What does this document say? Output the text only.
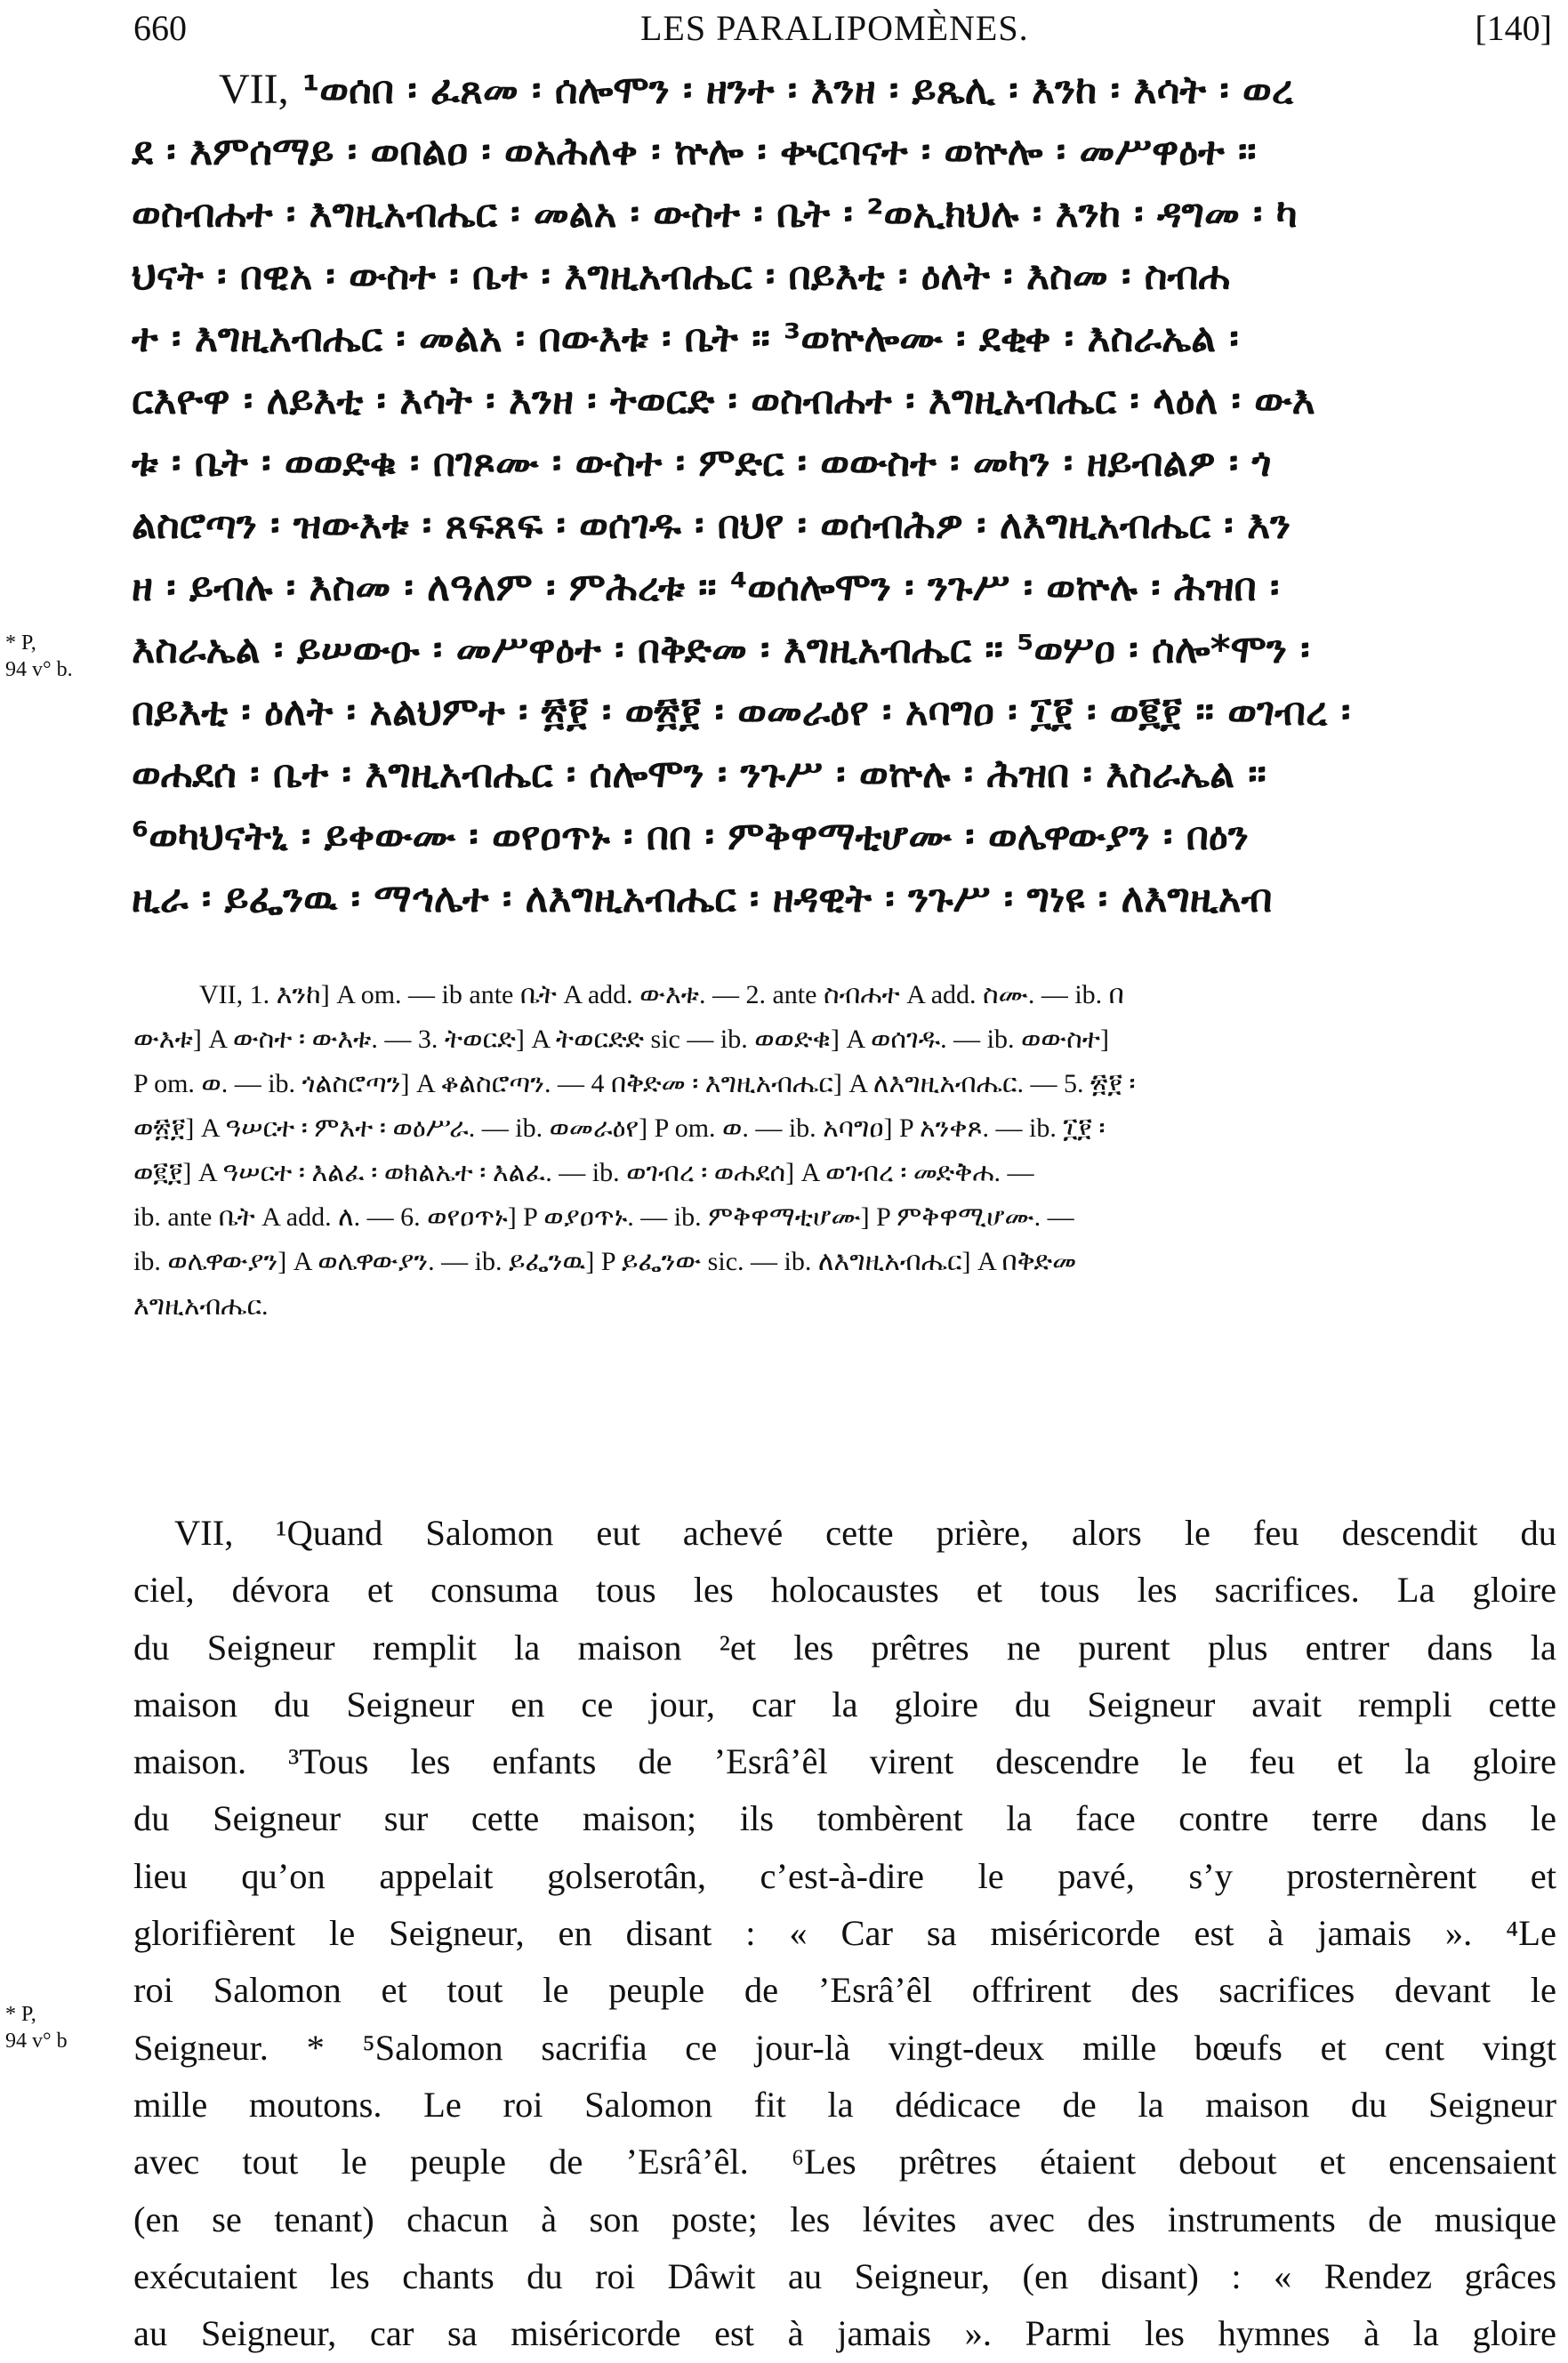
660	LES PARALIPOMÈNES.	[140]
* P,
94 v° b.
VII, ¹ወሰበ ፡ ፈጸመ ፡ ሰሎሞን ፡ ዘንተ ፡ እንዘ ፡ ይጼሊ ፡ እንከ ፡ እሳት ፡ ወረ
ደ ፡ እምሰማይ ፡ ወበልዐ ፡ ወአሕለቀ ፡ ኵሎ ፡ ቍርባናተ ፡ ወኵሎ ፡ መሥዋዕተ ።
ወስብሐተ ፡ እግዚአብሔር ፡ መልአ ፡ ውስተ ፡ ቤት ፡ ²ወኢክህሉ ፡ እንከ ፡ ዳግመ ፡ ካ
ህናት ፡ በዊአ ፡ ውስተ ፡ ቤተ ፡ እግዚአብሔር ፡ በይእቲ ፡ ዕለት ፡ እስመ ፡ ስብሐ
ተ ፡ እግዚአብሔር ፡ መልአ ፡ በውእቱ ፡ ቤት ። ³ወኵሎሙ ፡ ደቂቀ ፡ እስራኤል ፡
ርእዮዋ ፡ ለይእቲ ፡ እሳት ፡ እንዘ ፡ ትወርድ ፡ ወስብሐተ ፡ እግዚአብሔር ፡ ላዕለ ፡ ውእ
ቱ ፡ ቤት ፡ ወወድቁ ፡ በገጾሙ ፡ ውስተ ፡ ምድር ፡ ወውስተ ፡ መካን ፡ ዘይብልዎ ፡ ጎ
ልስሮጣን ፡ ዝውእቱ ፡ ጸፍጸፍ ፡ ወሰገዱ ፡ በህየ ፡ ወሰብሕዎ ፡ ለእግዚአብሔር ፡ እን
ዘ ፡ ይብሉ ፡ እስመ ፡ ለዓለም ፡ ምሕረቱ ። ⁴ወሰሎሞን ፡ ንጉሥ ፡ ወኵሉ ፡ ሕዝበ ፡
እስራኤል ፡ ይሠውዑ ፡ መሥዋዕተ ፡ በቅድመ ፡ እግዚአብሔር ። ⁵ወሦዐ ፡ ሰሎ*ሞን ፡
በይእቲ ፡ ዕለት ፡ አልህምተ ፡ ፳፻ ፡ ወ፳፻ ፡ ወመራዕየ ፡ አባግዐ ፡ ፲፻ ፡ ወ፪፻ ። ወገብረ ፡
ወሐደሰ ፡ ቤተ ፡ እግዚአብሔር ፡ ሰሎሞን ፡ ንጉሥ ፡ ወኵሉ ፡ ሕዝበ ፡ እስራኤል ።
⁶ወካህናትኒ ፡ ይቀውሙ ፡ ወየዐጥኑ ፡ በበ ፡ ምቅዋማቲሆሙ ፡ ወሌዋውያን ፡ በዕን
ዚራ ፡ ይፌንዉ ፡ ማኅሌተ ፡ ለእግዚአብሔር ፡ ዘዳዊት ፡ ንጉሥ ፡ ግነዩ ፡ ለእግዚአብ
VII, 1. እንከ] A om. — ib ante ቤት A add. ውእቱ. — 2. ante ስብሐተ A add. ስሙ. — ib. በ
ውእቱ] A ውስተ ፡ ውእቱ. — 3. ትወርድ] A ትወርድድ sic — ib. ወወድቁ] A ወሰገዱ. — ib. ወውስተ]
P om. ወ. — ib. ጎልስሮጣን] A ቆልስሮጣን. — 4 በቅድመ ፡ እግዚአብሔር] A ለእግዚአብሔር. — 5. ፳፻ ፡
ወ፳፻] A ዓሠርተ ፡ ምእተ ፡ ወዕሥራ. — ib. ወመራዕየ] P om. ወ. — ib. አባግዐ] P አንቀጾ. — ib. ፲፻ ፡
ወ፪፻] A ዓሠርተ ፡ እልፈ ፡ ወክልኤተ ፡ እልፈ. — ib. ወገብረ ፡ ወሐደሰ] A ወገብረ ፡ መድቅሐ. —
ib. ante ቤት A add. ለ. — 6. ወየዐጥኑ] P ወያዐጥኑ. — ib. ምቅዋማቲሆሙ] P ምቅዋሚሆሙ. —
ib. ወሌዋውያን] A ወሌዋውያን. — ib. ይፌንዉ] P ይፌንው sic. — ib. ለእግዚአብሔር] A በቅድመ
እግዚአብሔር.
* P,
94 v° b
VII, ¹Quand Salomon eut achevé cette prière, alors le feu descendit du
ciel, dévora et consuma tous les holocaustes et tous les sacrifices. La gloire
du Seigneur remplit la maison ²et les prêtres ne purent plus entrer dans la
maison du Seigneur en ce jour, car la gloire du Seigneur avait rempli cette
maison. ³Tous les enfants de ’Esrâ’êl virent descendre le feu et la gloire
du Seigneur sur cette maison; ils tombèrent la face contre terre dans le
lieu qu’on appelait golserotân, c’est-à-dire le pavé, s’y prosternèrent et
glorifièrent le Seigneur, en disant : « Car sa miséricorde est à jamais ». ⁴Le
roi Salomon et tout le peuple de ’Esrâ’êl offrirent des sacrifices devant le
Seigneur. * ⁵Salomon sacrifia ce jour-là vingt-deux mille bœufs et cent vingt
mille moutons. Le roi Salomon fit la dédicace de la maison du Seigneur
avec tout le peuple de ’Esrâ’êl. ⁶Les prêtres étaient debout et encensaient
(en se tenant) chacun à son poste; les lévites avec des instruments de musique
exécutaient les chants du roi Dâwit au Seigneur, (en disant) : « Rendez grâces
au Seigneur, car sa miséricorde est à jamais ». Parmi les hymnes à la gloire
